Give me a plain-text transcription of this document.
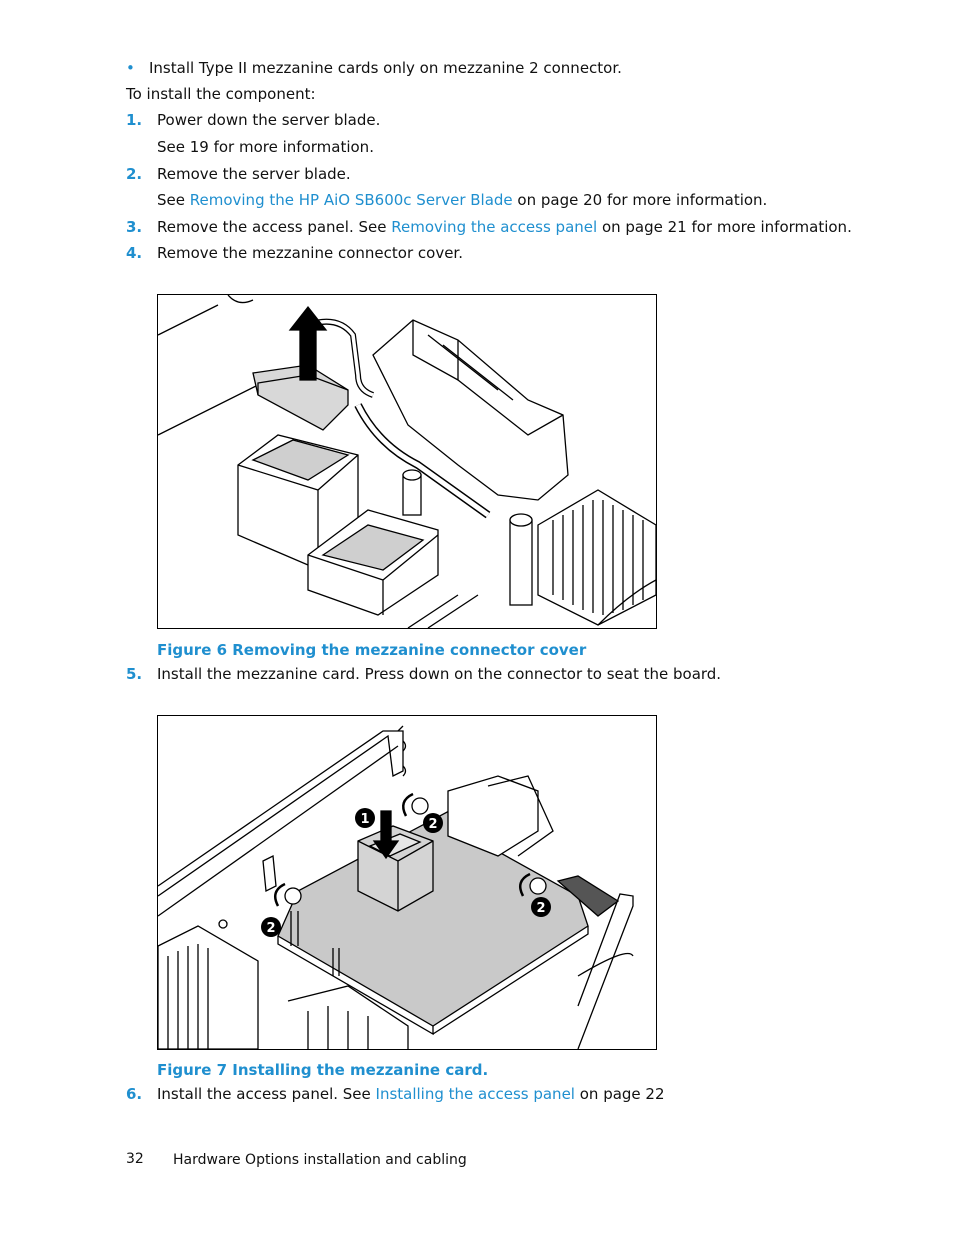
• Install Type II mezzanine cards only on mezzanine 2 connector.
To install the component:
1. Power down the server blade.
See 19 for more information.
2. Remove the server blade.
See Removing the HP AiO SB600c Server Blade on page 20 for more information.
3. Remove the access panel. See Removing the access panel on page 21 for more information.
4. Remove the mezzanine connector cover.
Figure 6 Removing the mezzanine connector cover
5. Install the mezzanine card. Press down on the connector to seat the board.
1	2
2
2
Figure 7 Installing the mezzanine card.
6. Install the access panel. See Installing the access panel on page 22
32 Hardware Options installation and cabling
